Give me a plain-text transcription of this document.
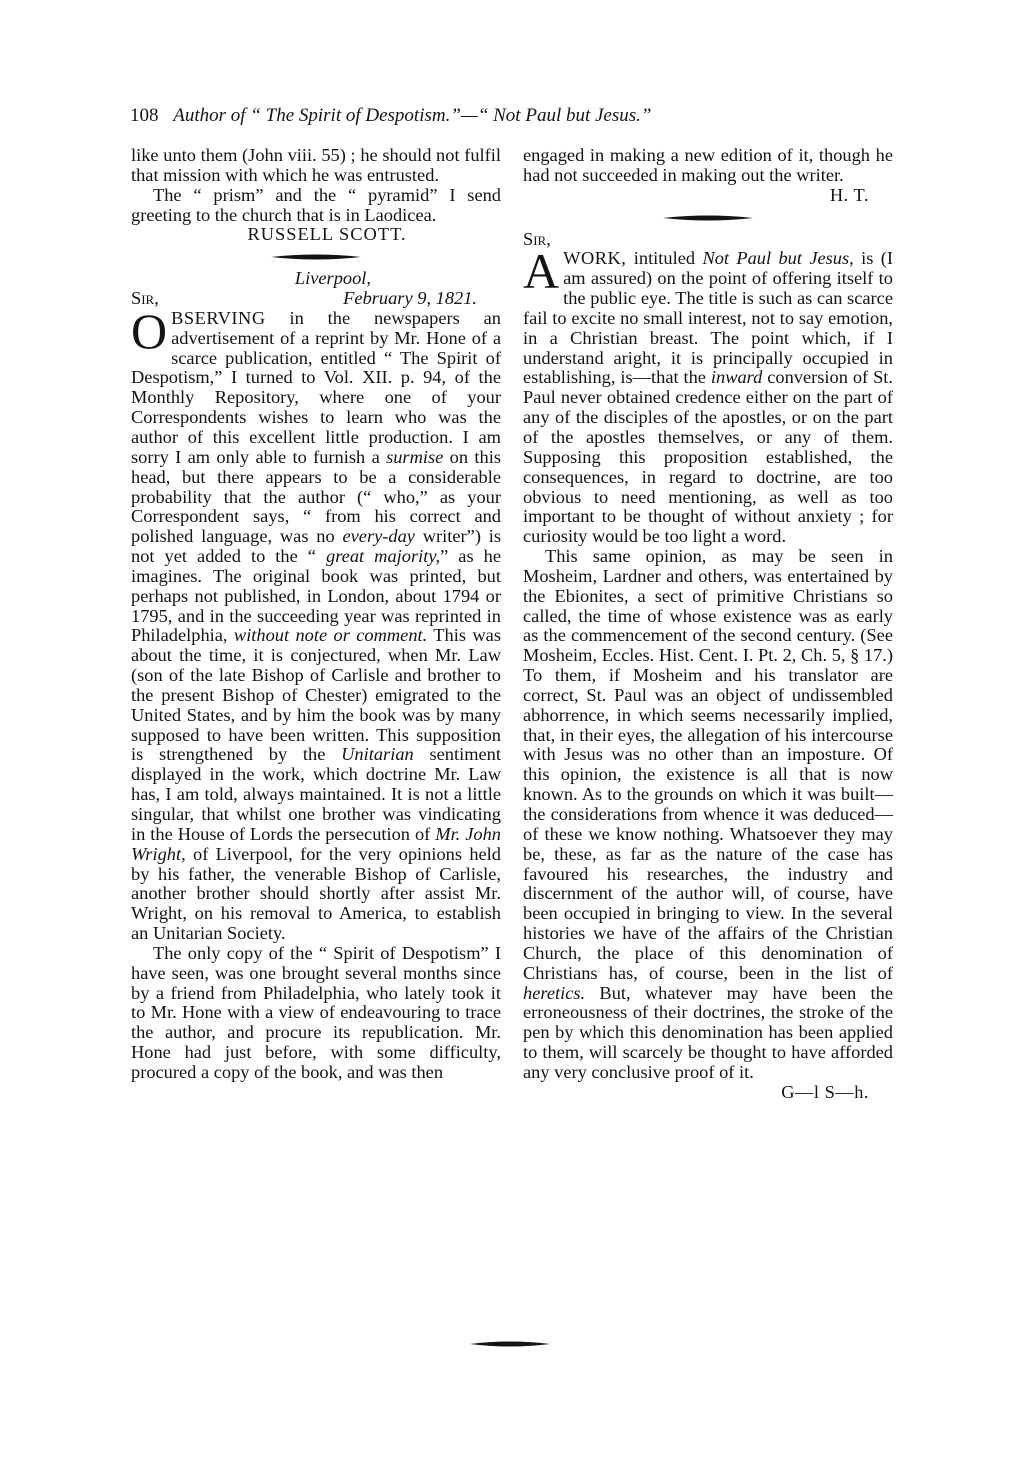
108 Author of “ The Spirit of Despotism.”—“ Not Paul but Jesus.”

like unto them (John viii. 55) ; he should not fulfil that mission with which he was entrusted.

The “ prism” and the “ pyramid” I send greeting to the church that is in Laodicea.

RUSSELL SCOTT.

Liverpool,
Sir,	February 9, 1821.

OBSERVING in the newspapers an advertisement of a reprint by Mr. Hone of a scarce publication, entitled “ The Spirit of Despotism,” I turned to Vol. XII. p. 94, of the Monthly Repository, where one of your Correspondents wishes to learn who was the author of this excellent little production. I am sorry I am only able to furnish a surmise on this head, but there appears to be a considerable probability that the author (“ who,” as your Correspondent says, “ from his correct and polished language, was no every-day writer”) is not yet added to the “ great majority,” as he imagines. The original book was printed, but perhaps not published, in London, about 1794 or 1795, and in the succeeding year was reprinted in Philadelphia, without note or comment. This was about the time, it is conjectured, when Mr. Law (son of the late Bishop of Carlisle and brother to the present Bishop of Chester) emigrated to the United States, and by him the book was by many supposed to have been written. This supposition is strengthened by the Unitarian sentiment displayed in the work, which doctrine Mr. Law has, I am told, always maintained. It is not a little singular, that whilst one brother was vindicating in the House of Lords the persecution of Mr. John Wright, of Liverpool, for the very opinions held by his father, the venerable Bishop of Carlisle, another brother should shortly after assist Mr. Wright, on his removal to America, to establish an Unitarian Society.

The only copy of the “ Spirit of Despotism” I have seen, was one brought several months since by a friend from Philadelphia, who lately took it to Mr. Hone with a view of endeavouring to trace the author, and procure its republication. Mr. Hone had just before, with some difficulty, procured a copy of the book, and was then

engaged in making a new edition of it, though he had not succeeded in making out the writer.

H. T.

Sir,

A WORK, intituled Not Paul but Jesus, is (I am assured) on the point of offering itself to the public eye. The title is such as can scarce fail to excite no small interest, not to say emotion, in a Christian breast. The point which, if I understand aright, it is principally occupied in establishing, is—that the inward conversion of St. Paul never obtained credence either on the part of any of the disciples of the apostles, or on the part of the apostles themselves, or any of them. Supposing this proposition established, the consequences, in regard to doctrine, are too obvious to need mentioning, as well as too important to be thought of without anxiety ; for curiosity would be too light a word.

This same opinion, as may be seen in Mosheim, Lardner and others, was entertained by the Ebionites, a sect of primitive Christians so called, the time of whose existence was as early as the commencement of the second century. (See Mosheim, Eccles. Hist. Cent. I. Pt. 2, Ch. 5, § 17.) To them, if Mosheim and his translator are correct, St. Paul was an object of undissembled abhorrence, in which seems necessarily implied, that, in their eyes, the allegation of his intercourse with Jesus was no other than an imposture. Of this opinion, the existence is all that is now known. As to the grounds on which it was built—the considerations from whence it was deduced—of these we know nothing. Whatsoever they may be, these, as far as the nature of the case has favoured his researches, the industry and discernment of the author will, of course, have been occupied in bringing to view. In the several histories we have of the affairs of the Christian Church, the place of this denomination of Christians has, of course, been in the list of heretics. But, whatever may have been the erroneousness of their doctrines, the stroke of the pen by which this denomination has been applied to them, will scarcely be thought to have afforded any very conclusive proof of it.

G—l S—h.
